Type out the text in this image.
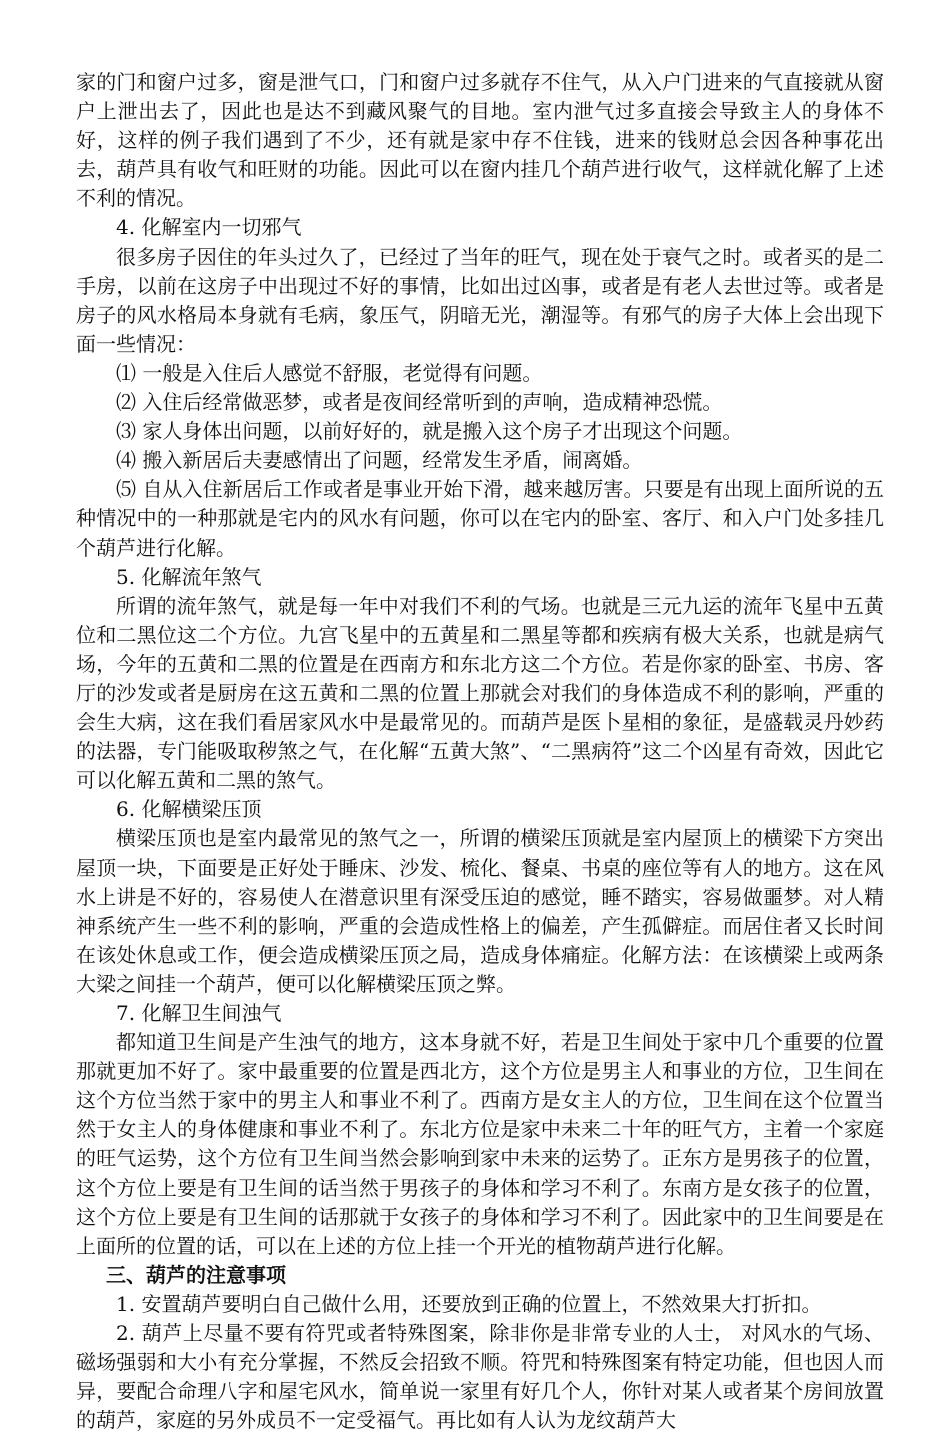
家的门和窗户过多，窗是泄气口，门和窗户过多就存不住气，从入户门进来的气直接就从窗户上泄出去了，因此也是达不到藏风聚气的目地。室内泄气过多直接会导致主人的身体不好，这样的例子我们遇到了不少，还有就是家中存不住钱，进来的钱财总会因各种事花出去，葫芦具有收气和旺财的功能。因此可以在窗内挂几个葫芦进行收气，这样就化解了上述不利的情况。

4. 化解室内一切邪气

很多房子因住的年头过久了，已经过了当年的旺气，现在处于衰气之时。或者买的是二手房，以前在这房子中出现过不好的事情，比如出过凶事，或者是有老人去世过等。或者是房子的风水格局本身就有毛病，象压气，阴暗无光，潮湿等。有邪气的房子大体上会出现下面一些情况：

⑴ 一般是入住后人感觉不舒服，老觉得有问题。

⑵ 入住后经常做恶梦，或者是夜间经常听到的声响，造成精神恐慌。

⑶ 家人身体出问题，以前好好的，就是搬入这个房子才出现这个问题。

⑷ 搬入新居后夫妻感情出了问题，经常发生矛盾，闹离婚。

⑸ 自从入住新居后工作或者是事业开始下滑，越来越厉害。只要是有出现上面所说的五种情况中的一种那就是宅内的风水有问题，你可以在宅内的卧室、客厅、和入户门处多挂几个葫芦进行化解。

5. 化解流年煞气

所谓的流年煞气，就是每一年中对我们不利的气场。也就是三元九运的流年飞星中五黄位和二黑位这二个方位。九宫飞星中的五黄星和二黑星等都和疾病有极大关系，也就是病气场，今年的五黄和二黑的位置是在西南方和东北方这二个方位。若是你家的卧室、书房、客厅的沙发或者是厨房在这五黄和二黑的位置上那就会对我们的身体造成不利的影响，严重的会生大病，这在我们看居家风水中是最常见的。而葫芦是医卜星相的象征，是盛载灵丹妙药的法器，专门能吸取秽煞之气，在化解“五黄大煞”、“二黑病符”这二个凶星有奇效，因此它可以化解五黄和二黑的煞气。

6. 化解横梁压顶

横梁压顶也是室内最常见的煞气之一，所谓的横梁压顶就是室内屋顶上的横梁下方突出屋顶一块，下面要是正好处于睡床、沙发、梳化、餐桌、书桌的座位等有人的地方。这在风水上讲是不好的，容易使人在潜意识里有深受压迫的感觉，睡不踏实，容易做噩梦。对人精神系统产生一些不利的影响，严重的会造成性格上的偏差，产生孤僻症。而居住者又长时间在该处休息或工作，便会造成横梁压顶之局，造成身体痛症。化解方法：在该横梁上或两条大梁之间挂一个葫芦，便可以化解横梁压顶之弊。

7. 化解卫生间浊气

都知道卫生间是产生浊气的地方，这本身就不好，若是卫生间处于家中几个重要的位置那就更加不好了。家中最重要的位置是西北方，这个方位是男主人和事业的方位，卫生间在这个方位当然于家中的男主人和事业不利了。西南方是女主人的方位，卫生间在这个位置当然于女主人的身体健康和事业不利了。东北方位是家中未来二十年的旺气方，主着一个家庭的旺气运势，这个方位有卫生间当然会影响到家中未来的运势了。正东方是男孩子的位置，这个方位上要是有卫生间的话当然于男孩子的身体和学习不利了。东南方是女孩子的位置，这个方位上要是有卫生间的话那就于女孩子的身体和学习不利了。因此家中的卫生间要是在上面所的位置的话，可以在上述的方位上挂一个开光的植物葫芦进行化解。

三、葫芦的注意事项

1. 安置葫芦要明白自己做什么用，还要放到正确的位置上，不然效果大打折扣。

2. 葫芦上尽量不要有符咒或者特殊图案，除非你是非常专业的人士， 对风水的气场、磁场强弱和大小有充分掌握，不然反会招致不顺。符咒和特殊图案有特定功能，但也因人而异，要配合命理八字和屋宅风水，简单说一家里有好几个人，你针对某人或者某个房间放置的葫芦，家庭的另外成员不一定受福气。再比如有人认为龙纹葫芦大
